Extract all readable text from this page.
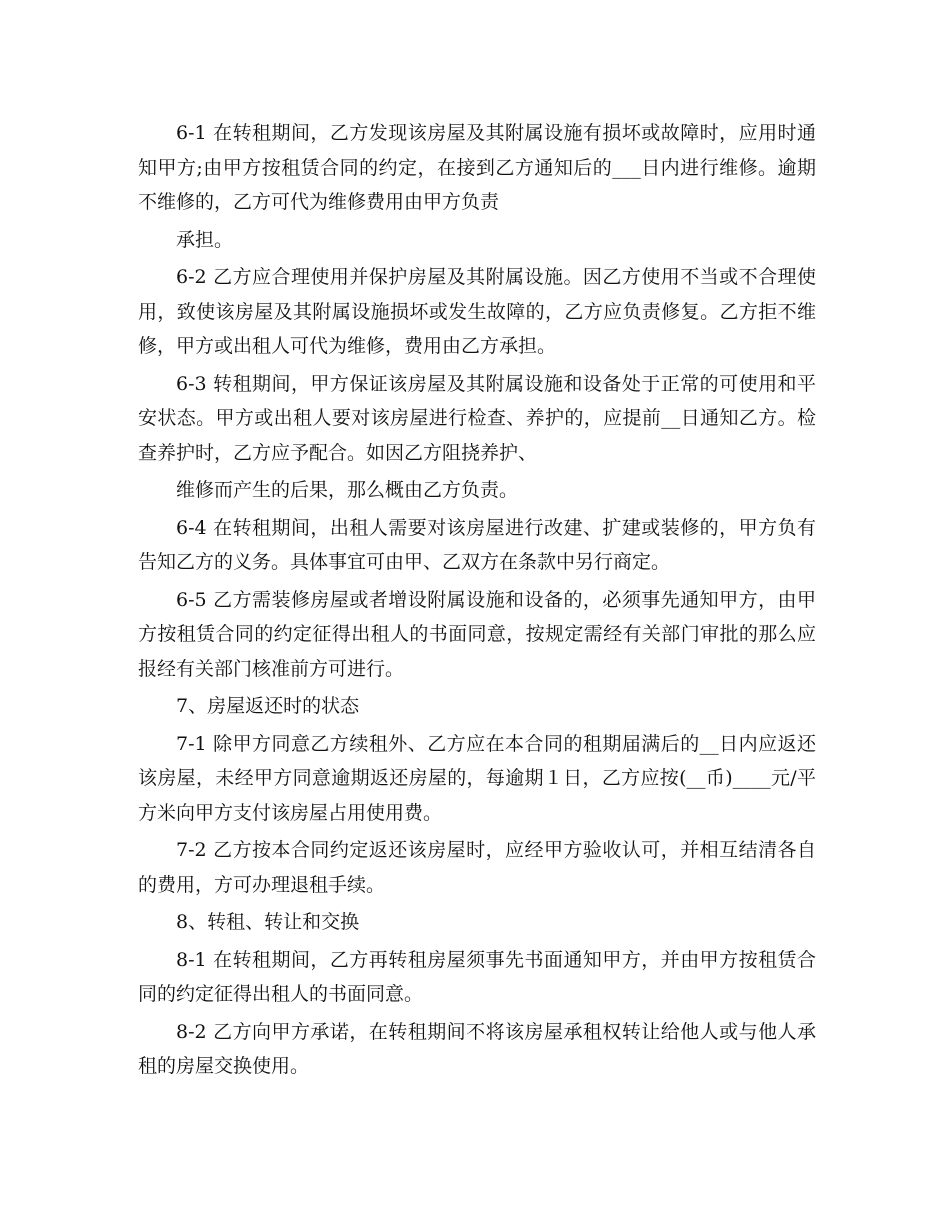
6-1 在转租期间，乙方发现该房屋及其附属设施有损坏或故障时，应用时通知甲方;由甲方按租赁合同的约定，在接到乙方通知后的___日内进行维修。逾期不维修的，乙方可代为维修费用由甲方负责

承担。

6-2 乙方应合理使用并保护房屋及其附属设施。因乙方使用不当或不合理使用，致使该房屋及其附属设施损坏或发生故障的，乙方应负责修复。乙方拒不维修，甲方或出租人可代为维修，费用由乙方承担。

6-3 转租期间，甲方保证该房屋及其附属设施和设备处于正常的可使用和平安状态。甲方或出租人要对该房屋进行检查、养护的，应提前__日通知乙方。检查养护时，乙方应予配合。如因乙方阻挠养护、

维修而产生的后果，那么概由乙方负责。

6-4 在转租期间，出租人需要对该房屋进行改建、扩建或装修的，甲方负有告知乙方的义务。具体事宜可由甲、乙双方在条款中另行商定。

6-5 乙方需装修房屋或者增设附属设施和设备的，必须事先通知甲方，由甲方按租赁合同的约定征得出租人的书面同意，按规定需经有关部门审批的那么应报经有关部门核准前方可进行。

7、房屋返还时的状态

7-1 除甲方同意乙方续租外、乙方应在本合同的租期届满后的__日内应返还该房屋，未经甲方同意逾期返还房屋的，每逾期１日，乙方应按(__币)____元/平方米向甲方支付该房屋占用使用费。

7-2 乙方按本合同约定返还该房屋时，应经甲方验收认可，并相互结清各自的费用，方可办理退租手续。

8、转租、转让和交换

8-1 在转租期间，乙方再转租房屋须事先书面通知甲方，并由甲方按租赁合同的约定征得出租人的书面同意。

8-2 乙方向甲方承诺，在转租期间不将该房屋承租权转让给他人或与他人承租的房屋交换使用。
